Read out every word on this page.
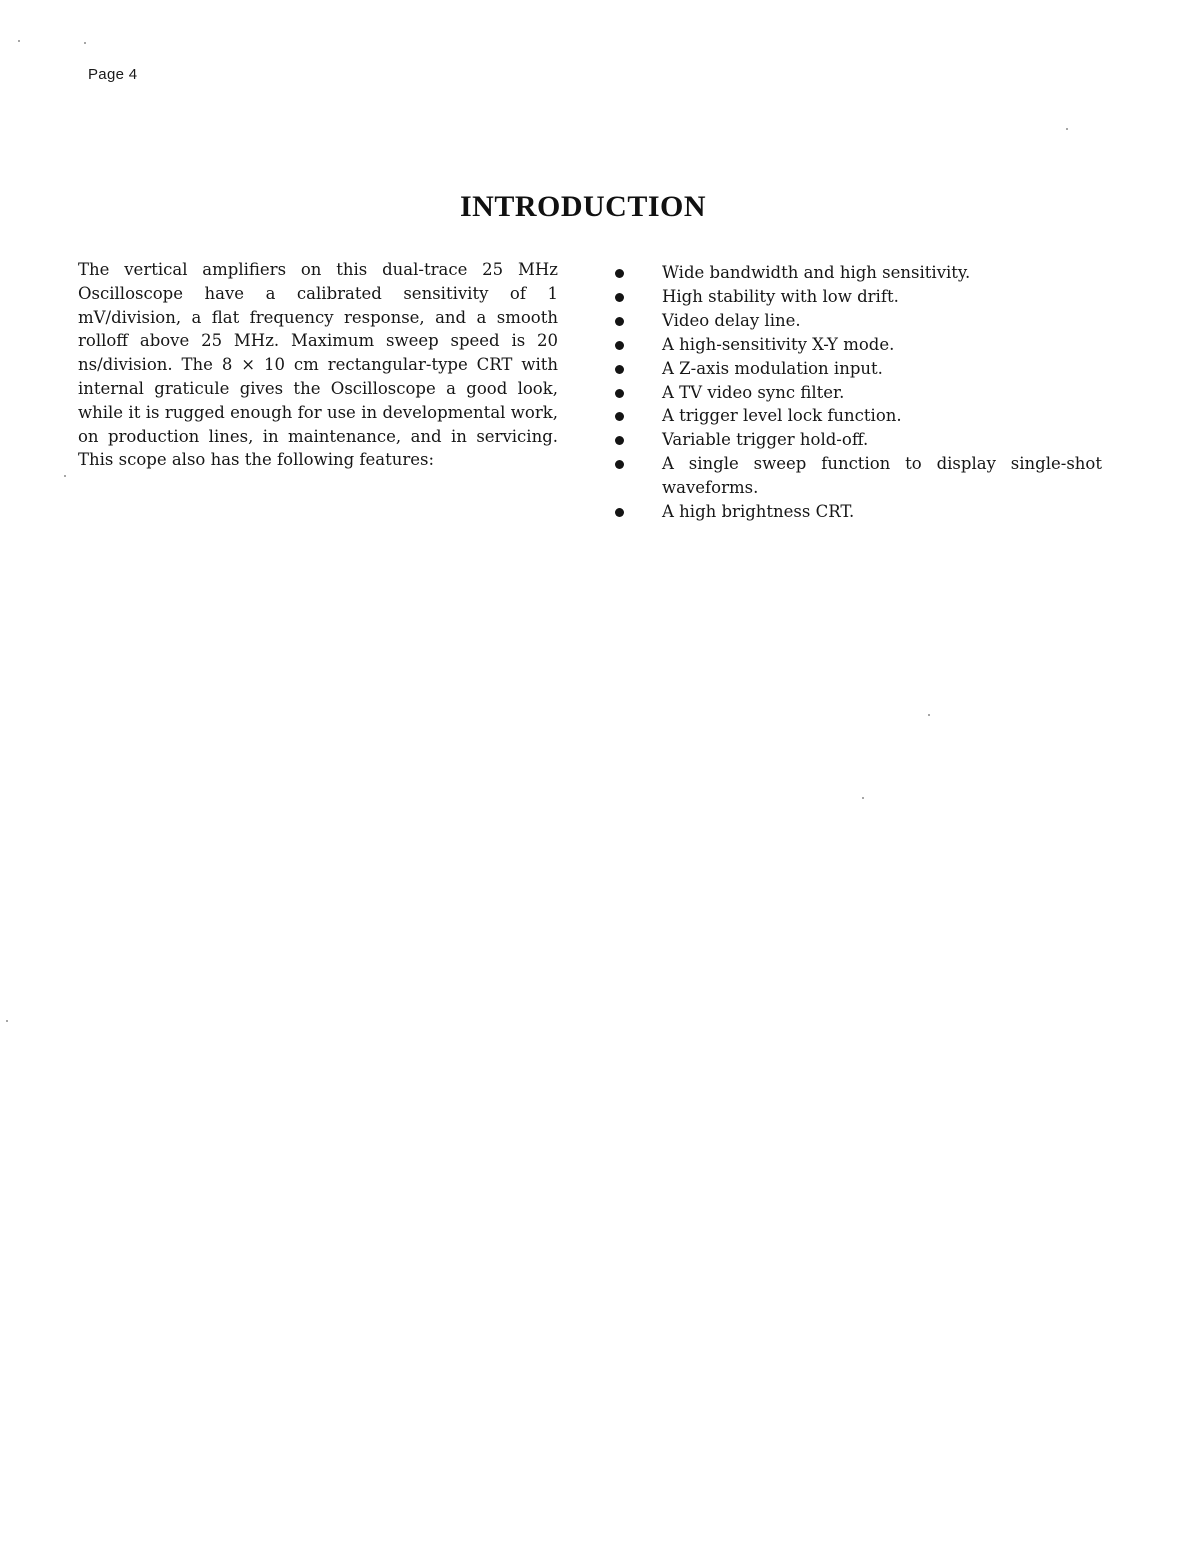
Page 4
INTRODUCTION

The vertical amplifiers on this dual-trace 25 MHz Oscilloscope have a calibrated sensitivity of 1 mV/division, a flat frequency response, and a smooth rolloff above 25 MHz. Maximum sweep speed is 20 ns/division. The 8 × 10 cm rectangular-type CRT with internal graticule gives the Oscilloscope a good look, while it is rugged enough for use in developmental work, on production lines, in maintenance, and in servicing. This scope also has the following features:

Wide bandwidth and high sensitivity.
High stability with low drift.
Video delay line.
A high-sensitivity X-Y mode.
A Z-axis modulation input.
A TV video sync filter.
A trigger level lock function.
Variable trigger hold-off.
A single sweep function to display single-shot waveforms.
A high brightness CRT.
